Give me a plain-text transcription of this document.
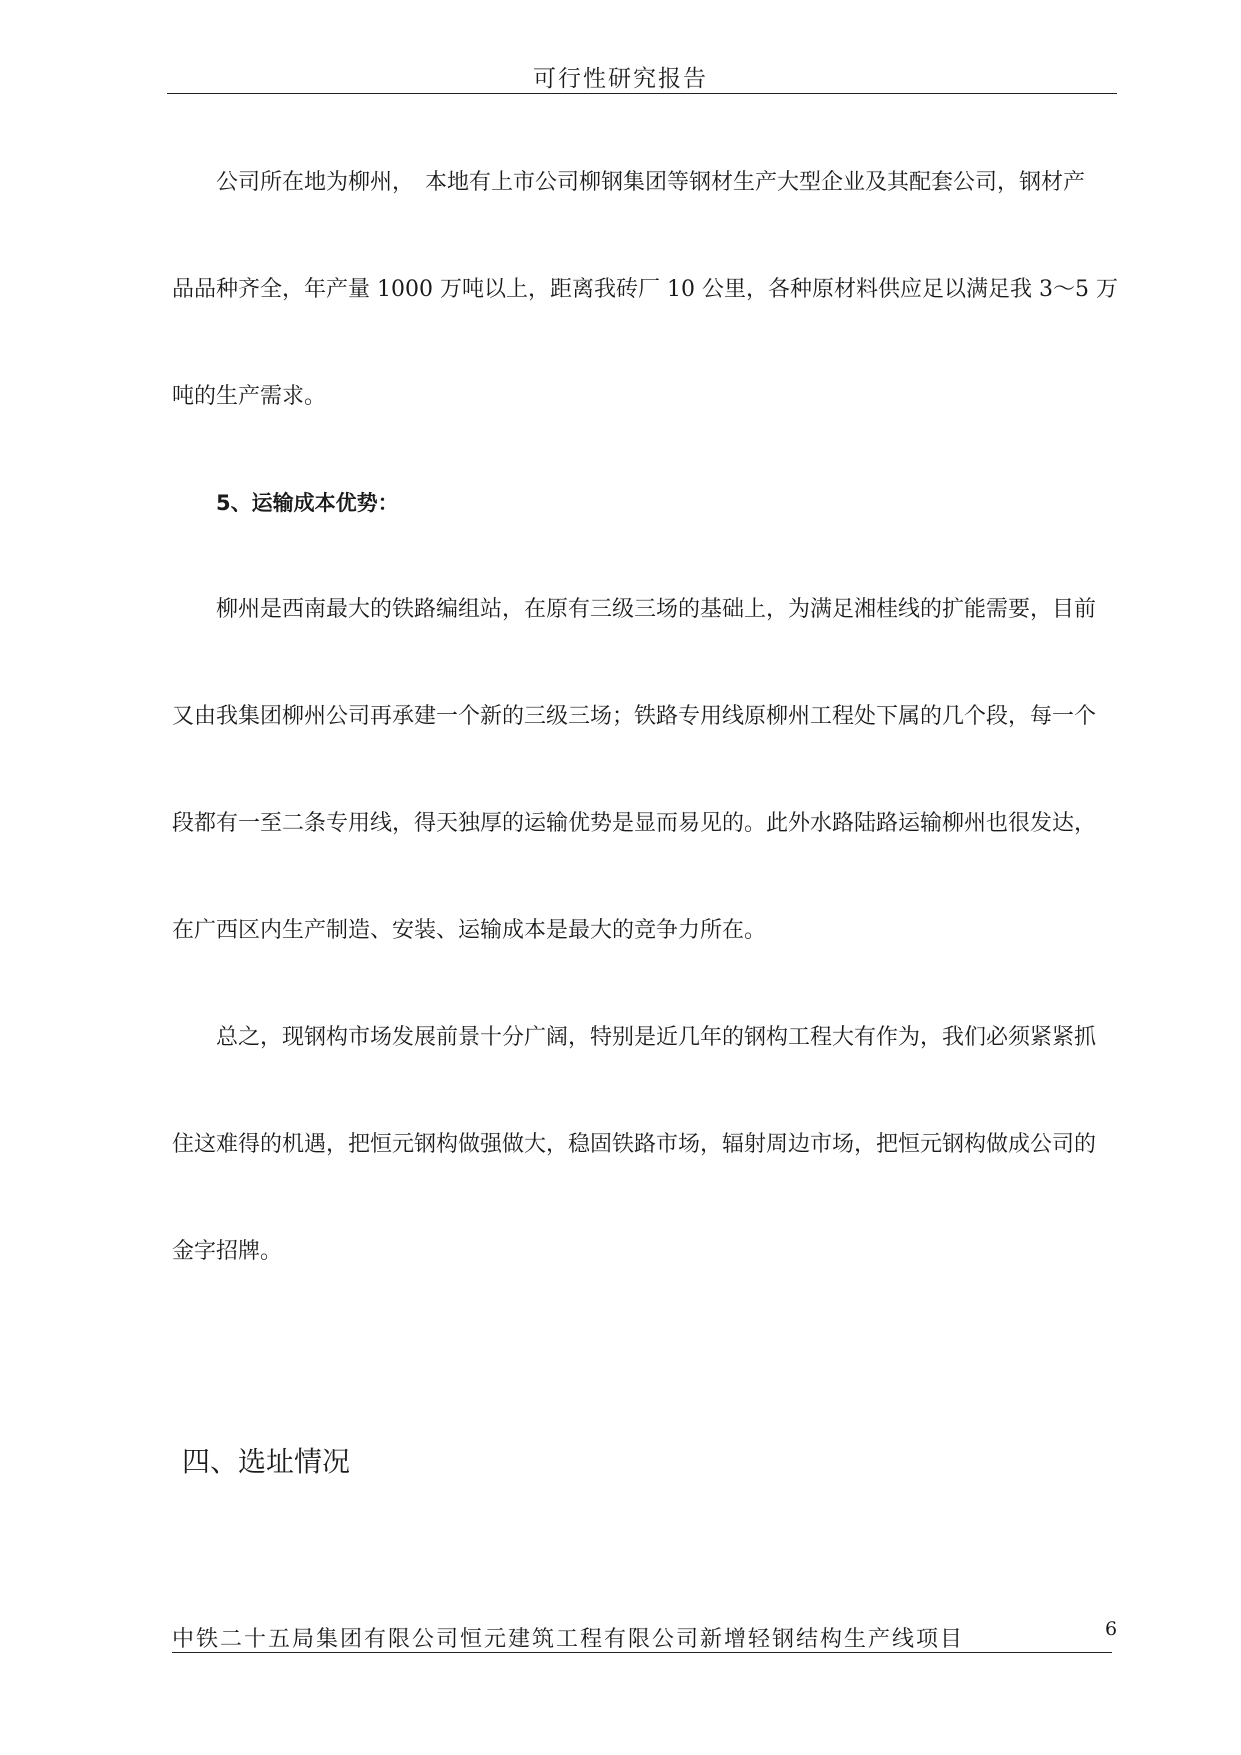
可行性研究报告
公司所在地为柳州，　本地有上市公司柳钢集团等钢材生产大型企业及其配套公司，钢材产
品品种齐全，年产量 1000 万吨以上，距离我砖厂 10 公里，各种原材料供应足以满足我 3～5 万
吨的生产需求。
5、运输成本优势：
柳州是西南最大的铁路编组站，在原有三级三场的基础上，为满足湘桂线的扩能需要，目前
又由我集团柳州公司再承建一个新的三级三场；铁路专用线原柳州工程处下属的几个段，每一个
段都有一至二条专用线，得天独厚的运输优势是显而易见的。此外水路陆路运输柳州也很发达，
在广西区内生产制造、安装、运输成本是最大的竞争力所在。
总之，现钢构市场发展前景十分广阔，特别是近几年的钢构工程大有作为，我们必须紧紧抓
住这难得的机遇，把恒元钢构做强做大，稳固铁路市场，辐射周边市场，把恒元钢构做成公司的
金字招牌。
四、选址情况
中铁二十五局集团有限公司恒元建筑工程有限公司新增轻钢结构生产线项目	6
